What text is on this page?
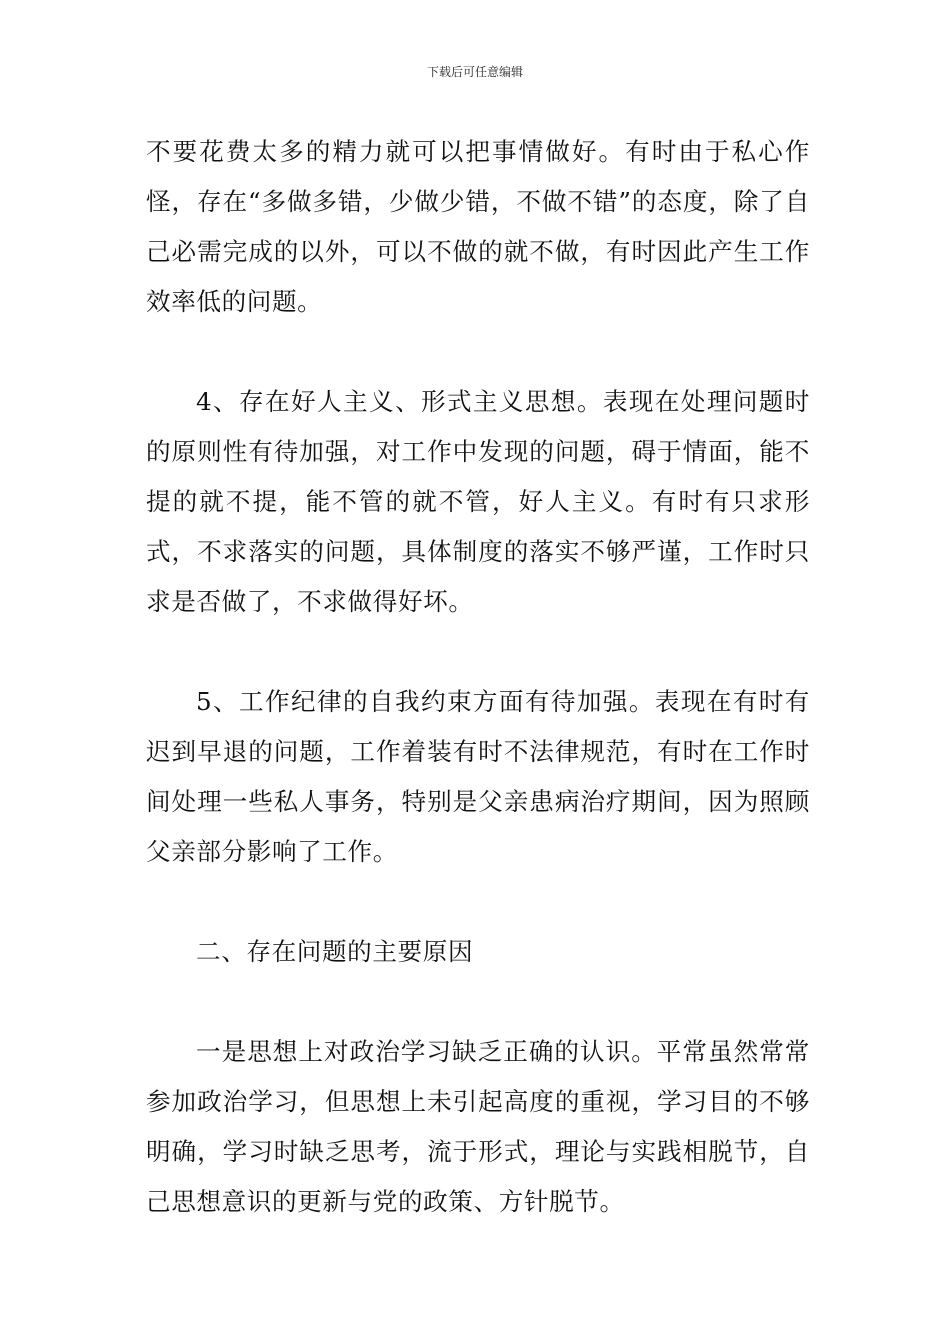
下载后可任意编辑

不要花费太多的精力就可以把事情做好。有时由于私心作怪，存在“多做多错，少做少错，不做不错”的态度，除了自己必需完成的以外，可以不做的就不做，有时因此产生工作效率低的问题。

4、存在好人主义、形式主义思想。表现在处理问题时的原则性有待加强，对工作中发现的问题，碍于情面，能不提的就不提，能不管的就不管，好人主义。有时有只求形式，不求落实的问题，具体制度的落实不够严谨，工作时只求是否做了，不求做得好坏。

5、工作纪律的自我约束方面有待加强。表现在有时有迟到早退的问题，工作着装有时不法律规范，有时在工作时间处理一些私人事务，特别是父亲患病治疗期间，因为照顾父亲部分影响了工作。

二、存在问题的主要原因

一是思想上对政治学习缺乏正确的认识。平常虽然常常参加政治学习，但思想上未引起高度的重视，学习目的不够明确，学习时缺乏思考，流于形式，理论与实践相脱节，自己思想意识的更新与党的政策、方针脱节。
